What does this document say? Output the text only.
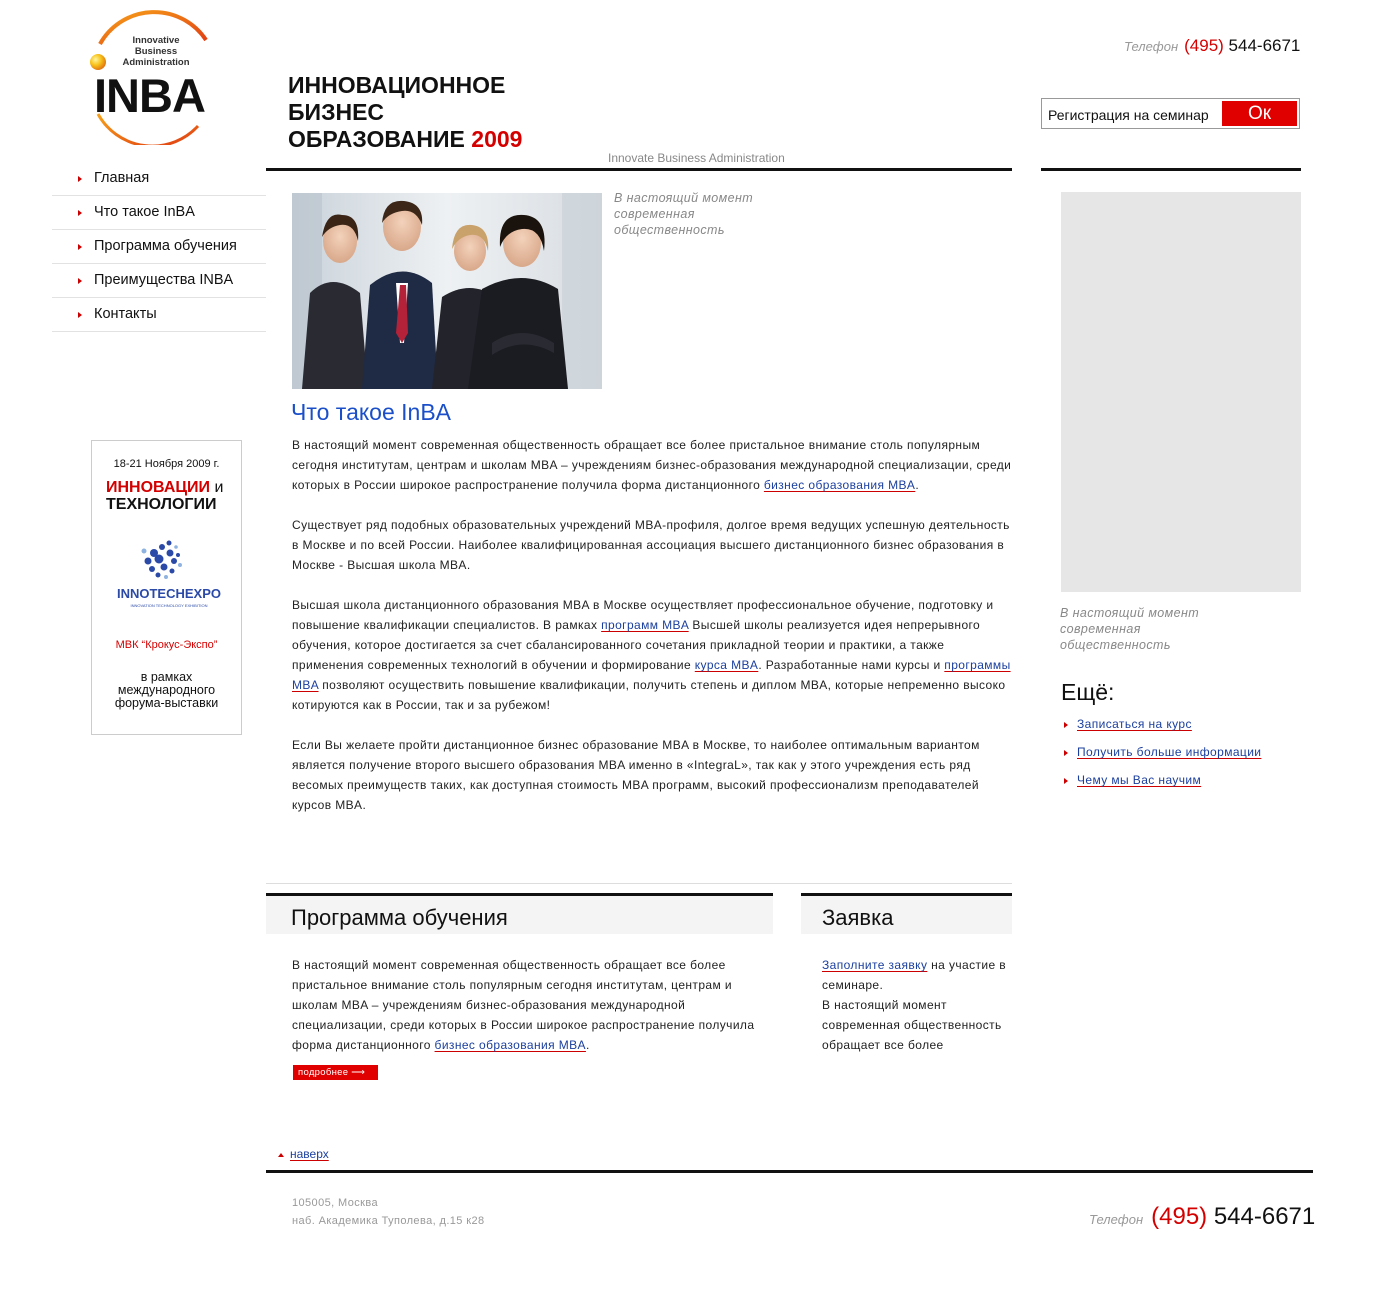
Innovative
Business
Administration
INBA	ИННОВАЦИОННОЕ
БИЗНЕС
ОБРАЗОВАНИЕ 2009
Innovate Business Administration
Телефон (495) 544-6671
Регистрация на семинар	Ок
Главная
Что такое InBA
Программа обучения
Преимущества INBA
Контакты
18-21 Ноября 2009 г.
ИННОВАЦИИ и
ТЕХНОЛОГИИ
INNOTECHEXPO
INNOVATION TECHNOLOGY EXHIBITION
МВК “Крокус-Экспо”
в рамках
международного
форума-выставки
В настоящий момент современная общественность
Что такое InBA

В настоящий момент современная общественность обращает все более пристальное внимание столь популярным сегодня институтам, центрам и школам MBA – учреждениям бизнес-образования международной специализации, среди которых в России широкое распространение получила форма дистанционного бизнес образования MBA.

Существует ряд подобных образовательных учреждений MBA-профиля, долгое время ведущих успешную деятельность в Москве и по всей России. Наиболее квалифицированная ассоциация высшего дистанционного бизнес образования в Москве - Высшая школа MBA.

Высшая школа дистанционного образования MBA в Москве осуществляет профессиональное обучение, подготовку и повышение квалификации специалистов. В рамках программ MBA Высшей школы реализуется идея непрерывного обучения, которое достигается за счет сбалансированного сочетания прикладной теории и практики, а также применения современных технологий в обучении и формирование курса MBA. Разработанные нами курсы и программы MBA позволяют осуществить повышение квалификации, получить степень и диплом MBA, которые непременно высоко котируются как в России, так и за рубежом!

Если Вы желаете пройти дистанционное бизнес образование MBA в Москве, то наиболее оптимальным вариантом является получение второго высшего образования MBA именно в «IntegraL», так как у этого учреждения есть ряд весомых преимуществ таких, как доступная стоимость MBA программ, высокий профессионализм преподавателей курсов MBA.

В настоящий момент современная общественность
Ещё:
Записаться на курс
Получить больше информации
Чему мы Вас научим
Программа обучения	Заявка
В настоящий момент современная общественность обращает все более пристальное внимание столь популярным сегодня институтам, центрам и школам MBA – учреждениям бизнес-образования международной специализации, среди которых в России широкое распространение получила форма дистанционного бизнес образования MBA.
подробнее ⟶
Заполните заявку на участие в семинаре.
В настоящий момент современная общественность обращает все более
наверх
105005, Москва
наб. Академика Туполева, д.15 к28	Телефон (495) 544-6671
